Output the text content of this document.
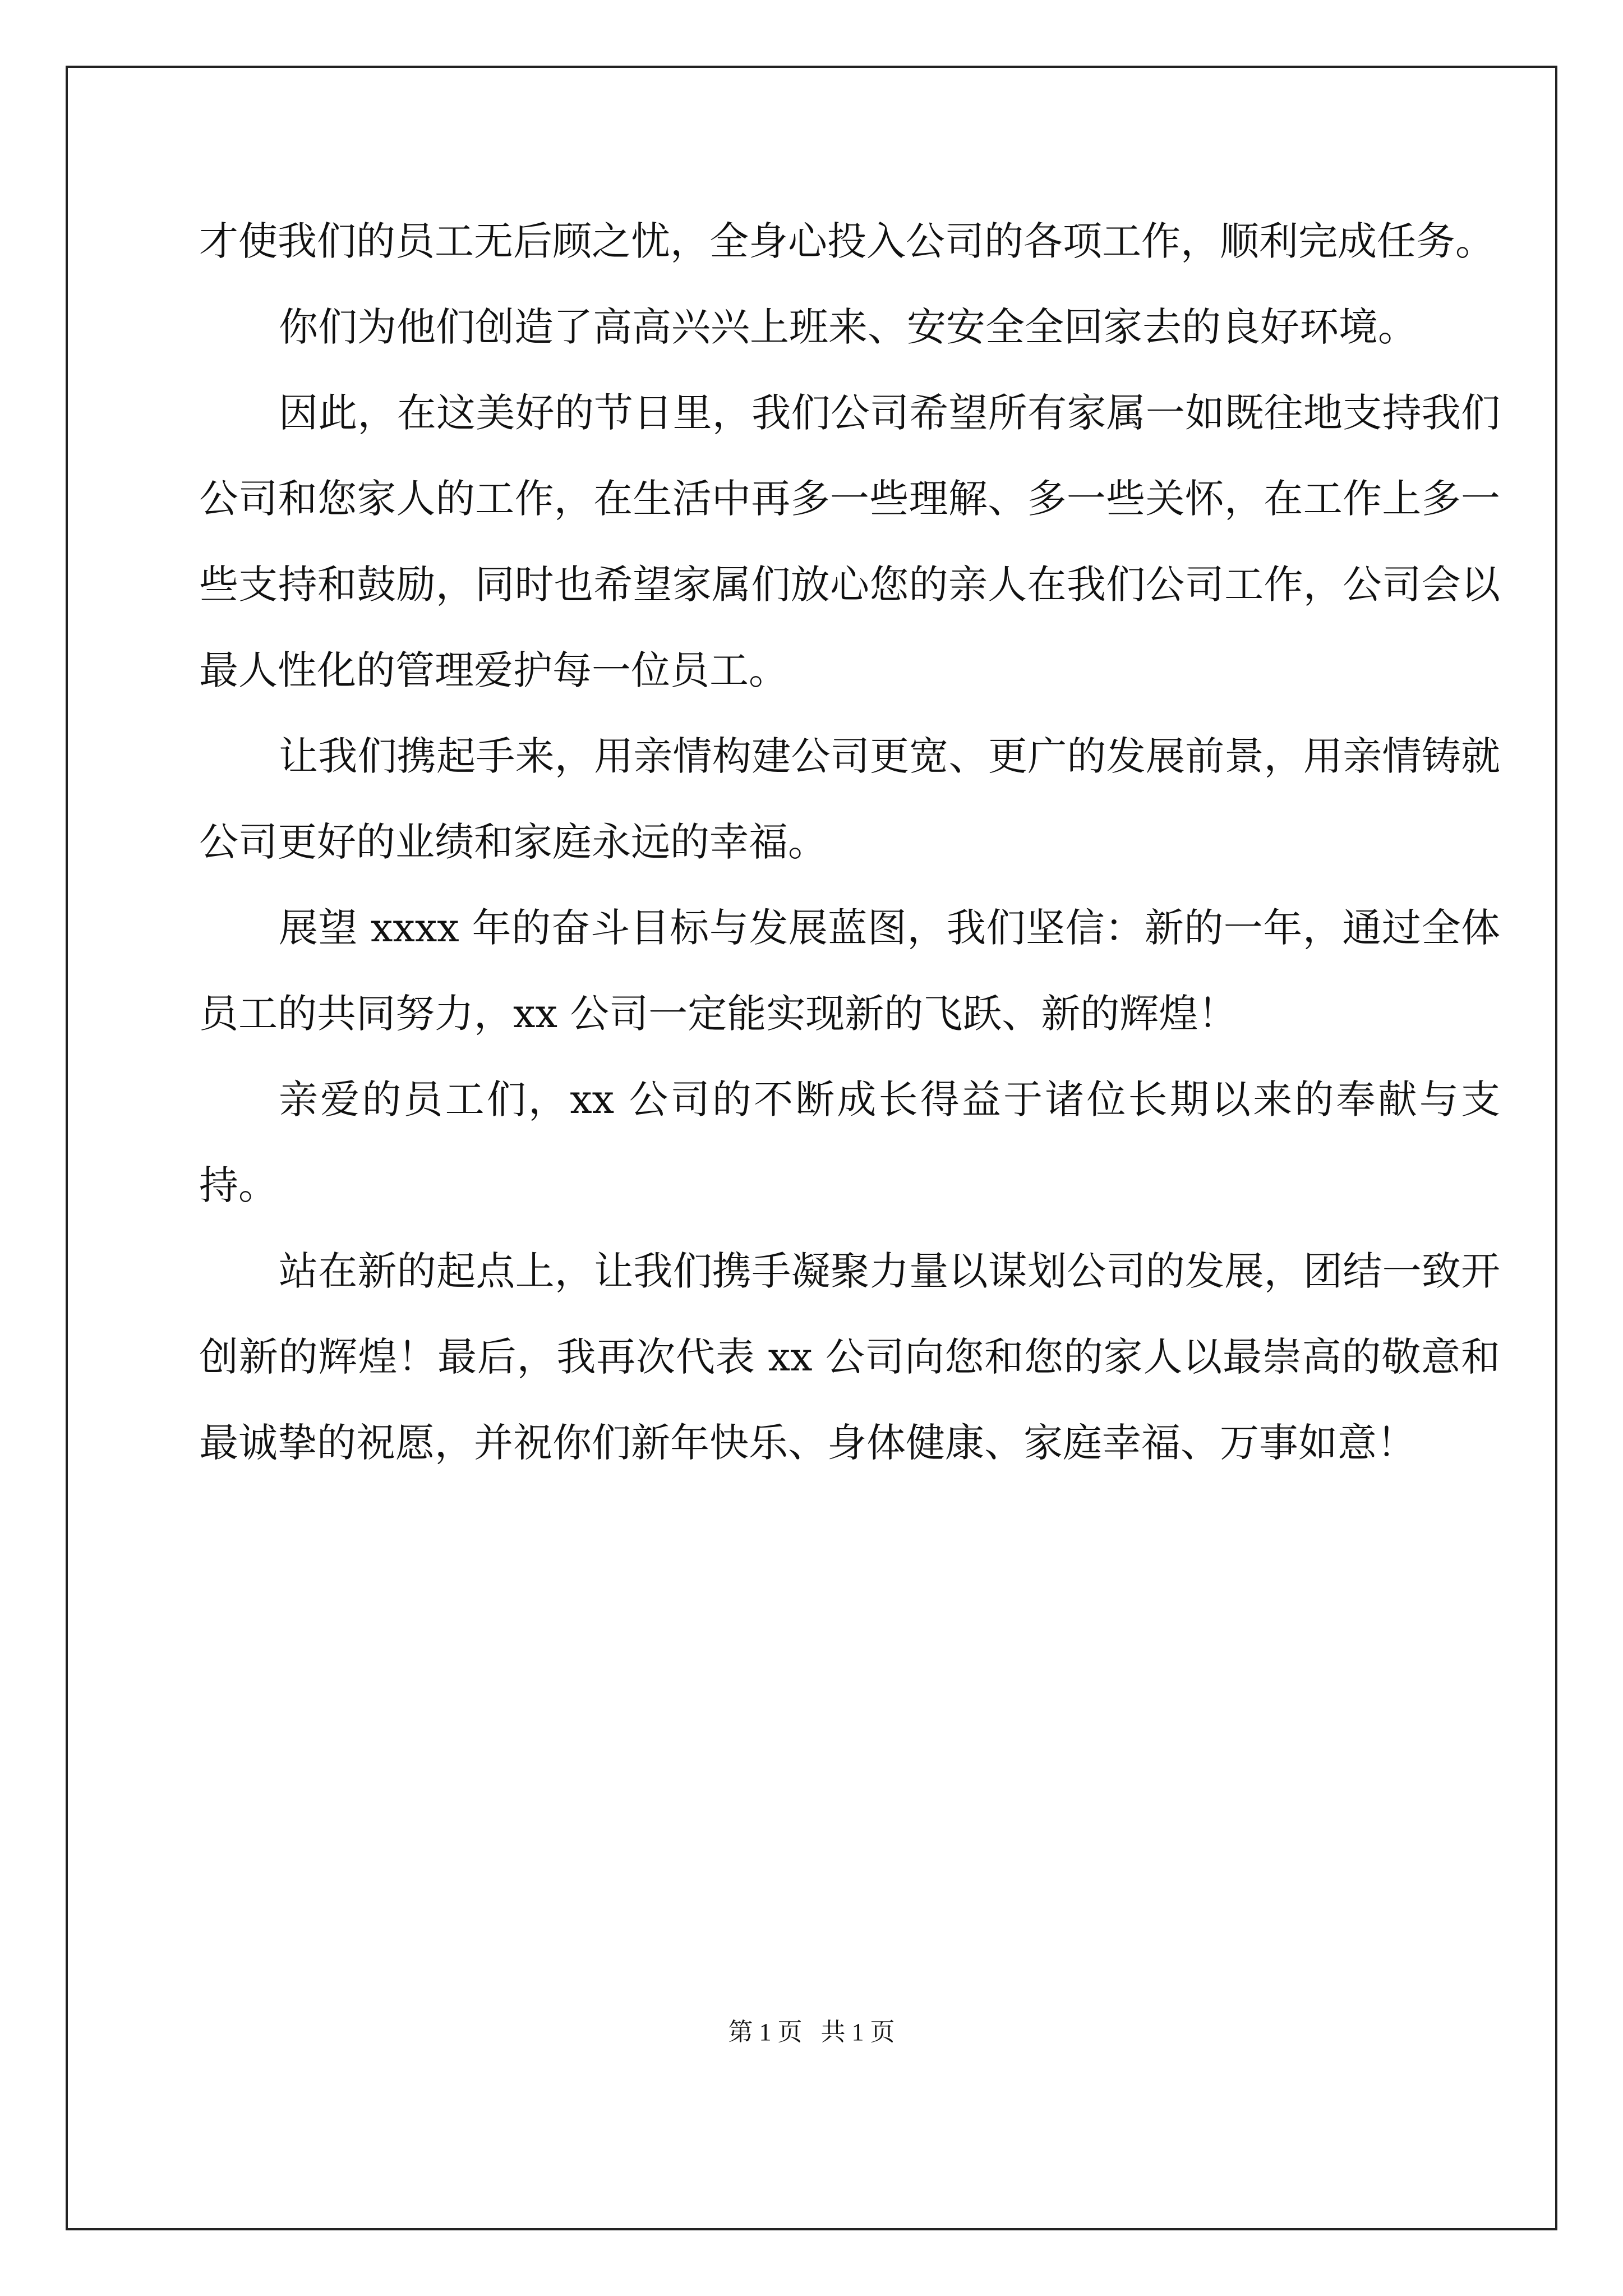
才使我们的员工无后顾之忧，全身心投入公司的各项工作，顺利完成任务。

你们为他们创造了高高兴兴上班来、安安全全回家去的良好环境。

因此，在这美好的节日里，我们公司希望所有家属一如既往地支持我们公司和您家人的工作，在生活中再多一些理解、多一些关怀，在工作上多一些支持和鼓励，同时也希望家属们放心您的亲人在我们公司工作，公司会以最人性化的管理爱护每一位员工。

让我们携起手来，用亲情构建公司更宽、更广的发展前景，用亲情铸就公司更好的业绩和家庭永远的幸福。

展望 xxxx 年的奋斗目标与发展蓝图，我们坚信：新的一年，通过全体员工的共同努力，xx 公司一定能实现新的飞跃、新的辉煌！

亲爱的员工们，xx 公司的不断成长得益于诸位长期以来的奉献与支持。

站在新的起点上，让我们携手凝聚力量以谋划公司的发展，团结一致开创新的辉煌！最后，我再次代表 xx 公司向您和您的家人以最崇高的敬意和最诚挚的祝愿，并祝你们新年快乐、身体健康、家庭幸福、万事如意！

第 1 页   共 1 页
